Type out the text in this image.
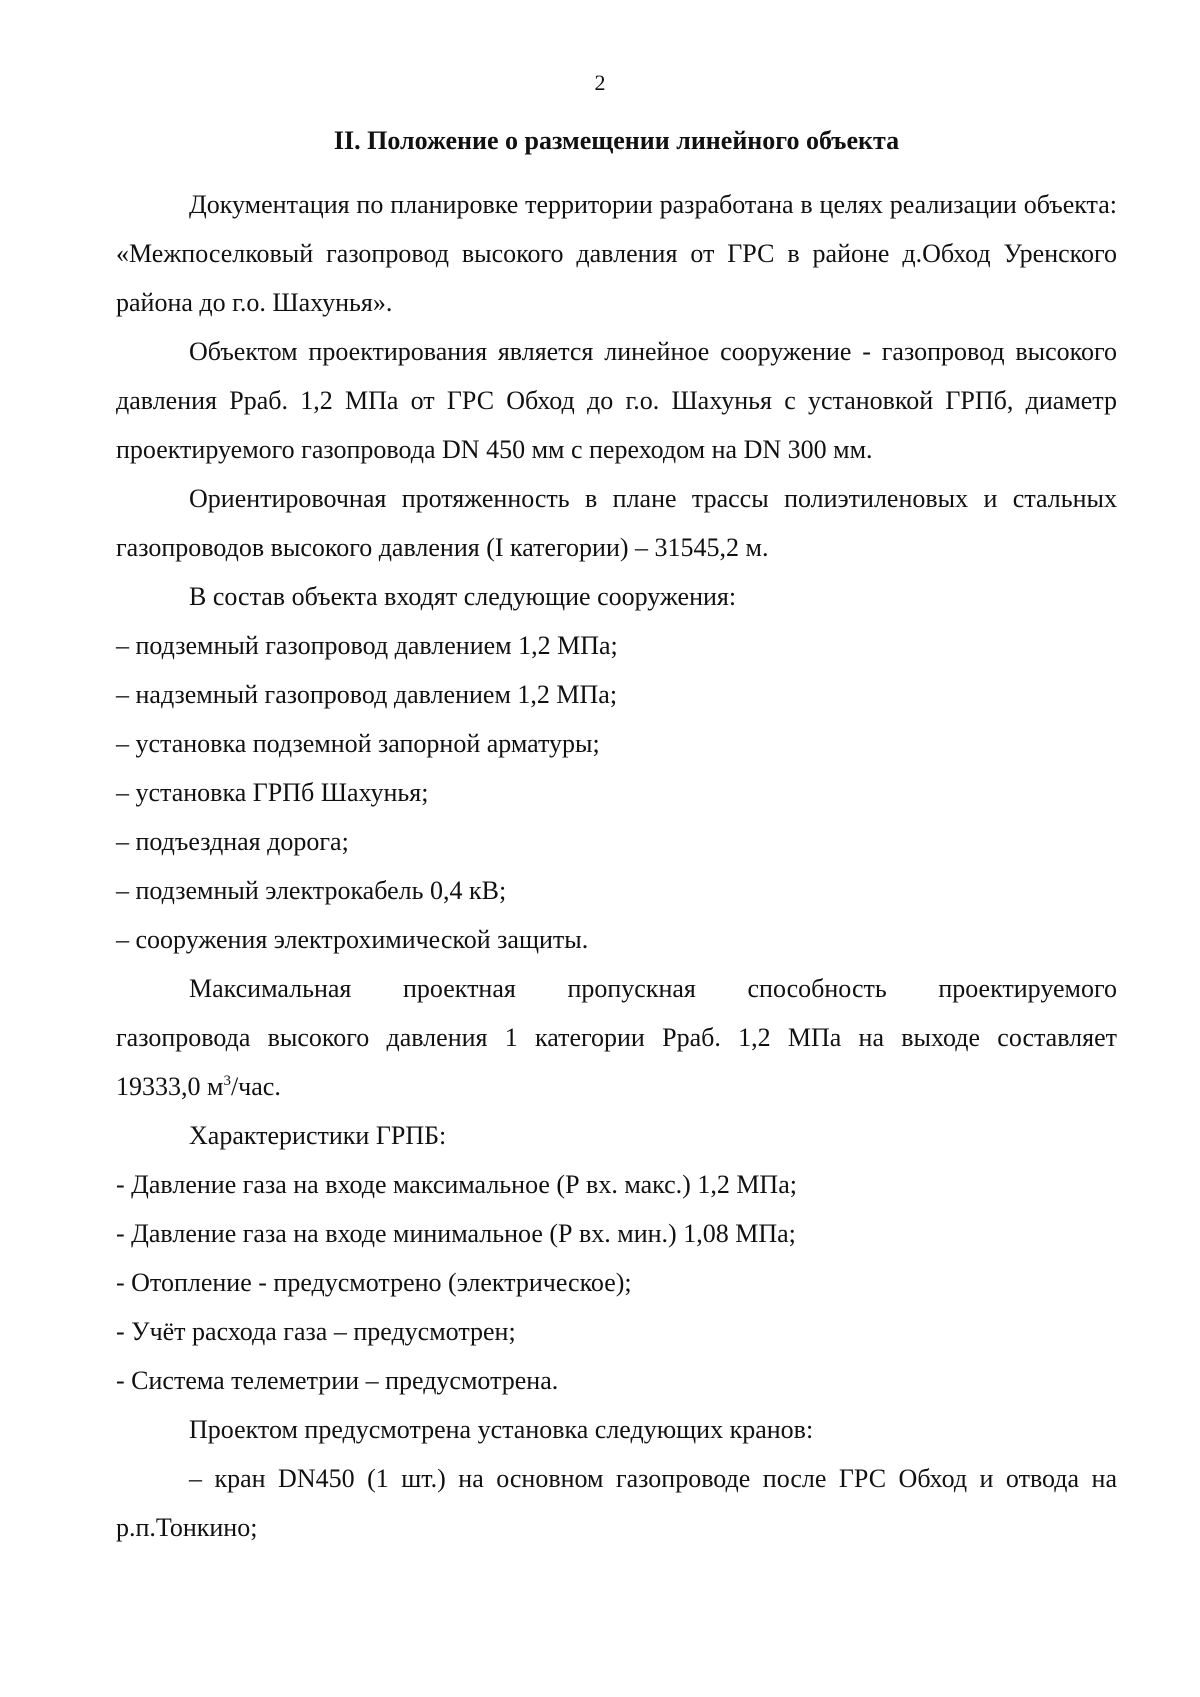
2
II. Положение о размещении линейного объекта

Документация по планировке территории разработана в целях реализации объекта: «Межпоселковый газопровод высокого давления от ГРС в районе д.Обход Уренского района до г.о. Шахунья».

Объектом проектирования является линейное сооружение - газопровод высокого давления Рраб. 1,2 МПа от ГРС Обход до г.о. Шахунья с установкой ГРПб, диаметр проектируемого газопровода DN 450 мм с переходом на DN 300 мм.

Ориентировочная протяженность в плане трассы полиэтиленовых и стальных газопроводов высокого давления (I категории) – 31545,2 м.

В состав объекта входят следующие сооружения:

– подземный газопровод давлением 1,2 МПа;

– надземный газопровод давлением 1,2 МПа;

– установка подземной запорной арматуры;

– установка ГРПб Шахунья;

– подъездная дорога;

– подземный электрокабель 0,4 кВ;

– сооружения электрохимической защиты.

Максимальная проектная пропускная способность проектируемого

газопровода высокого давления 1 категории Рраб. 1,2 МПа на выходе составляет

19333,0 $м^3$/час.

Характеристики ГРПБ:

- Давление газа на входе максимальное (Р вх. макс.) 1,2 МПа;

- Давление газа на входе минимальное (Р вх. мин.) 1,08 МПа;

- Отопление - предусмотрено (электрическое);

- Учёт расхода газа – предусмотрен;

- Система телеметрии – предусмотрена.

Проектом предусмотрена установка следующих кранов:

– кран DN450 (1 шт.) на основном газопроводе после ГРС Обход и отвода на р.п.Тонкино;
